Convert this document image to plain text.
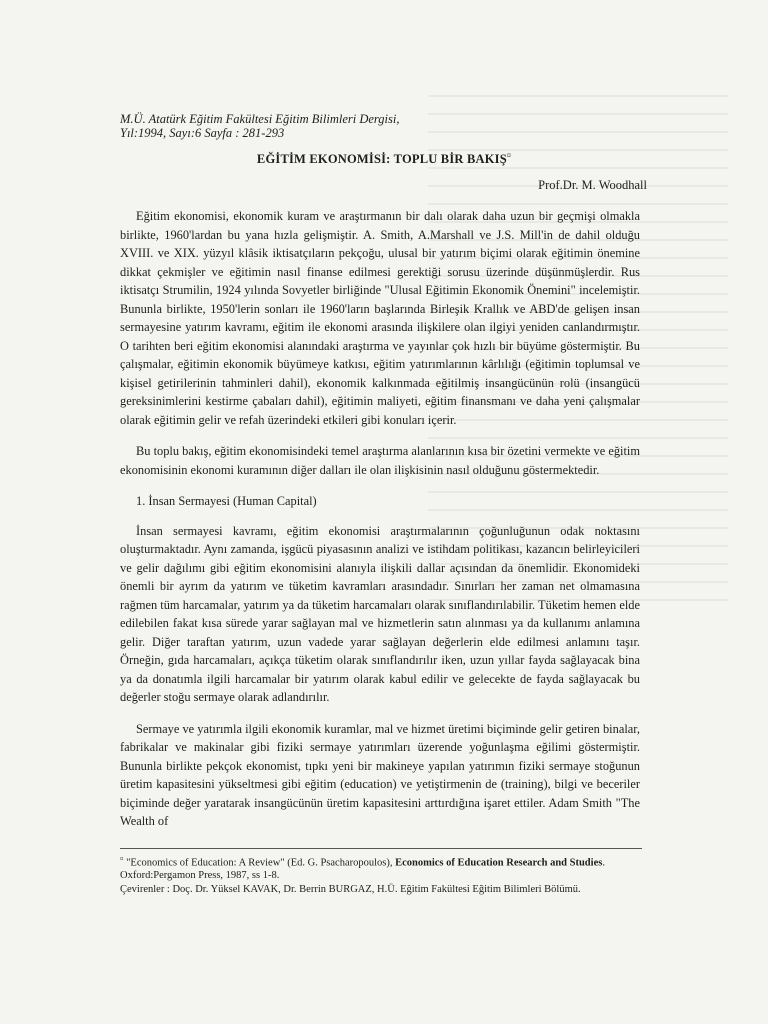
M.Ü. Atatürk Eğitim Fakültesi Eğitim Bilimleri Dergisi,
Yıl:1994, Sayı:6 Sayfa : 281-293
EĞİTİM EKONOMİSİ: TOPLU BİR BAKIŞ¤
Prof.Dr. M. Woodhall

Eğitim ekonomisi, ekonomik kuram ve araştırmanın bir dalı olarak daha uzun bir geçmişi olmakla birlikte, 1960'lardan bu yana hızla gelişmiştir. A. Smith, A.Marshall ve J.S. Mill'in de dahil olduğu XVIII. ve XIX. yüzyıl klâsik iktisatçıların pekçoğu, ulusal bir yatırım biçimi olarak eğitimin önemine dikkat çekmişler ve eğitimin nasıl finanse edilmesi gerektiği sorusu üzerinde düşünmüşlerdir. Rus iktisatçı Strumilin, 1924 yılında Sovyetler birliğinde "Ulusal Eğitimin Ekonomik Önemini" incelemiştir. Bununla birlikte, 1950'lerin sonları ile 1960'ların başlarında Birleşik Krallık ve ABD'de gelişen insan sermayesine yatırım kavramı, eğitim ile ekonomi arasında ilişkilere olan ilgiyi yeniden canlandırmıştır. O tarihten beri eğitim ekonomisi alanındaki araştırma ve yayınlar çok hızlı bir büyüme göstermiştir. Bu çalışmalar, eğitimin ekonomik büyümeye katkısı, eğitim yatırımlarının kârlılığı (eğitimin toplumsal ve kişisel getirilerinin tahminleri dahil), ekonomik kalkınmada eğitilmiş insangücünün rolü (insangücü gereksinimlerini kestirme çabaları dahil), eğitimin maliyeti, eğitim finansmanı ve daha yeni çalışmalar olarak eğitimin gelir ve refah üzerindeki etkileri gibi konuları içerir.

Bu toplu bakış, eğitim ekonomisindeki temel araştırma alanlarının kısa bir özetini vermekte ve eğitim ekonomisinin ekonomi kuramının diğer dalları ile olan ilişkisinin nasıl olduğunu göstermektedir.

1. İnsan Sermayesi (Human Capital)

İnsan sermayesi kavramı, eğitim ekonomisi araştırmalarının çoğunluğunun odak noktasını oluşturmaktadır. Aynı zamanda, işgücü piyasasının analizi ve istihdam politikası, kazancın belirleyicileri ve gelir dağılımı gibi eğitim ekonomisini alanıyla ilişkili dallar açısından da önemlidir. Ekonomideki önemli bir ayrım da yatırım ve tüketim kavramları arasındadır. Sınırları her zaman net olmamasına rağmen tüm harcamalar, yatırım ya da tüketim harcamaları olarak sınıflandırılabilir. Tüketim hemen elde edilebilen fakat kısa sürede yarar sağlayan mal ve hizmetlerin satın alınması ya da kullanımı anlamına gelir. Diğer taraftan yatırım, uzun vadede yarar sağlayan değerlerin elde edilmesi anlamını taşır. Örneğin, gıda harcamaları, açıkça tüketim olarak sınıflandırılır iken, uzun yıllar fayda sağlayacak bina ya da donatımla ilgili harcamalar bir yatırım olarak kabul edilir ve gelecekte de fayda sağlayacak bu değerler stoğu sermaye olarak adlandırılır.

Sermaye ve yatırımla ilgili ekonomik kuramlar, mal ve hizmet üretimi biçiminde gelir getiren binalar, fabrikalar ve makinalar gibi fiziki sermaye yatırımları üzerende yoğunlaşma eğilimi göstermiştir. Bununla birlikte pekçok ekonomist, tıpkı yeni bir makineye yapılan yatırımın fiziki sermaye stoğunun üretim kapasitesini yükseltmesi gibi eğitim (education) ve yetiştirmenin de (training), bilgi ve beceriler biçiminde değer yaratarak insangücünün üretim kapasitesini arttırdığına işaret ettiler. Adam Smith "The Wealth of

¤ "Economics of Education: A Review" (Ed. G. Psacharopoulos), Economics of Education Research and Studies. Oxford:Pergamon Press, 1987, ss 1-8.

Çevirenler : Doç. Dr. Yüksel KAVAK, Dr. Berrin BURGAZ, H.Ü. Eğitim Fakültesi Eğitim Bilimleri Bölümü.
